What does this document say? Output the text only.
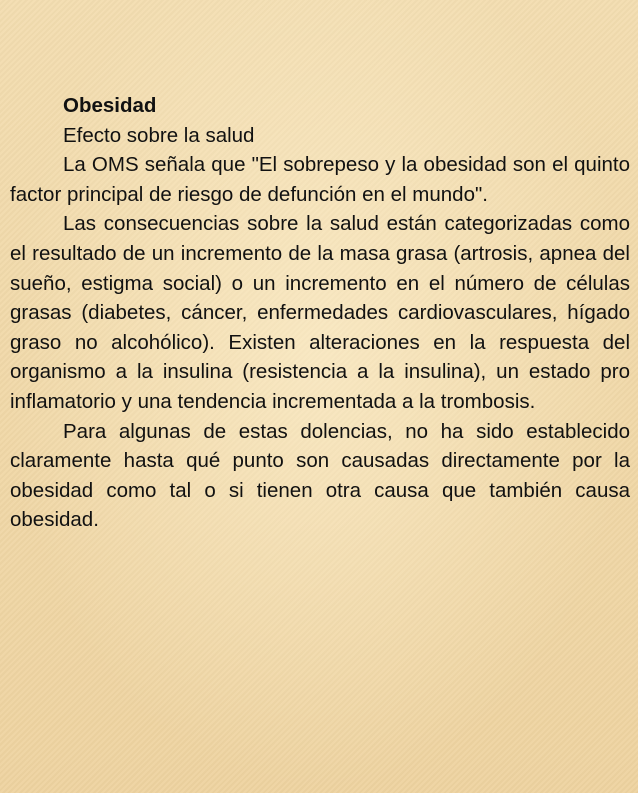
Obesidad

Efecto sobre la salud

La OMS señala que "El sobrepeso y la obesidad son el quinto factor principal de riesgo de defunción en el mundo".

Las consecuencias sobre la salud están categorizadas como el resultado de un incremento de la masa grasa (artrosis, apnea del sueño, estigma social) o un incremento en el número de células grasas (diabetes, cáncer, enfermedades cardiovasculares, hígado graso no alcohólico). Existen alteraciones en la respuesta del organismo a la insulina (resistencia a la insulina), un estado pro inflamatorio y una tendencia incrementada a la trombosis.

Para algunas de estas dolencias, no ha sido establecido claramente hasta qué punto son causadas directamente por la obesidad como tal o si tienen otra causa que también causa obesidad.
